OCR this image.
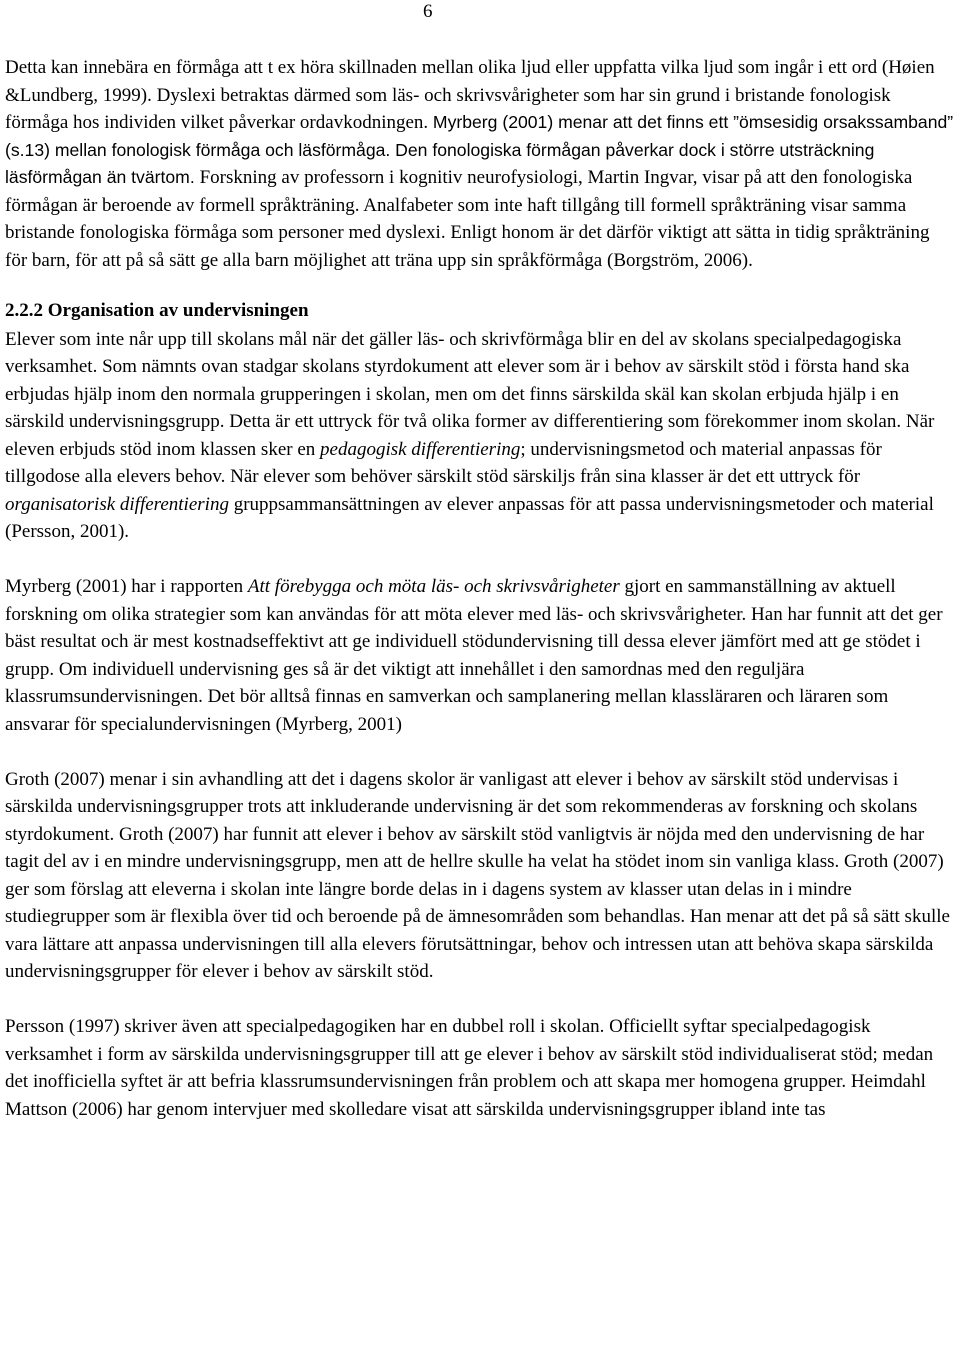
6

Detta kan innebära en förmåga att t ex höra skillnaden mellan olika ljud eller uppfatta vilka ljud som ingår i ett ord (Høien &Lundberg, 1999). Dyslexi betraktas därmed som läs- och skrivsvårigheter som har sin grund i bristande fonologisk förmåga hos individen vilket påverkar ordavkodningen. Myrberg (2001) menar att det finns ett ”ömsesidig orsakssamband” (s.13) mellan fonologisk förmåga och läsförmåga. Den fonologiska förmågan påverkar dock i större utsträckning läsförmågan än tvärtom. Forskning av professorn i kognitiv neurofysiologi, Martin Ingvar, visar på att den fonologiska förmågan är beroende av formell språkträning. Analfabeter som inte haft tillgång till formell språkträning visar samma bristande fonologiska förmåga som personer med dyslexi. Enligt honom är det därför viktigt att sätta in tidig språkträning för barn, för att på så sätt ge alla barn möjlighet att träna upp sin språkförmåga (Borgström, 2006).

2.2.2 Organisation av undervisningen

Elever som inte når upp till skolans mål när det gäller läs- och skrivförmåga blir en del av skolans specialpedagogiska verksamhet. Som nämnts ovan stadgar skolans styrdokument att elever som är i behov av särskilt stöd i första hand ska erbjudas hjälp inom den normala grupperingen i skolan, men om det finns särskilda skäl kan skolan erbjuda hjälp i en särskild undervisningsgrupp. Detta är ett uttryck för två olika former av differentiering som förekommer inom skolan. När eleven erbjuds stöd inom klassen sker en pedagogisk differentiering; undervisningsmetod och material anpassas för tillgodose alla elevers behov. När elever som behöver särskilt stöd särskiljs från sina klasser är det ett uttryck för organisatorisk differentiering gruppsammansättningen av elever anpassas för att passa undervisningsmetoder och material (Persson, 2001).

Myrberg (2001) har i rapporten Att förebygga och möta läs- och skrivsvårigheter gjort en sammanställning av aktuell forskning om olika strategier som kan användas för att möta elever med läs- och skrivsvårigheter. Han har funnit att det ger bäst resultat och är mest kostnadseffektivt att ge individuell stödundervisning till dessa elever jämfört med att ge stödet i grupp. Om individuell undervisning ges så är det viktigt att innehållet i den samordnas med den reguljära klassrumsundervisningen. Det bör alltså finnas en samverkan och samplanering mellan klassläraren och läraren som ansvarar för specialundervisningen (Myrberg, 2001)

Groth (2007) menar i sin avhandling att det i dagens skolor är vanligast att elever i behov av särskilt stöd undervisas i särskilda undervisningsgrupper trots att inkluderande undervisning är det som rekommenderas av forskning och skolans styrdokument. Groth (2007) har funnit att elever i behov av särskilt stöd vanligtvis är nöjda med den undervisning de har tagit del av i en mindre undervisningsgrupp, men att de hellre skulle ha velat ha stödet inom sin vanliga klass. Groth (2007) ger som förslag att eleverna i skolan inte längre borde delas in i dagens system av klasser utan delas in i mindre studiegrupper som är flexibla över tid och beroende på de ämnesområden som behandlas. Han menar att det på så sätt skulle vara lättare att anpassa undervisningen till alla elevers förutsättningar, behov och intressen utan att behöva skapa särskilda undervisningsgrupper för elever i behov av särskilt stöd.

Persson (1997) skriver även att specialpedagogiken har en dubbel roll i skolan. Officiellt syftar specialpedagogisk verksamhet i form av särskilda undervisningsgrupper till att ge elever i behov av särskilt stöd individualiserat stöd; medan det inofficiella syftet är att befria klassrumsundervisningen från problem och att skapa mer homogena grupper. Heimdahl Mattson (2006) har genom intervjuer med skolledare visat att särskilda undervisningsgrupper ibland inte tas
